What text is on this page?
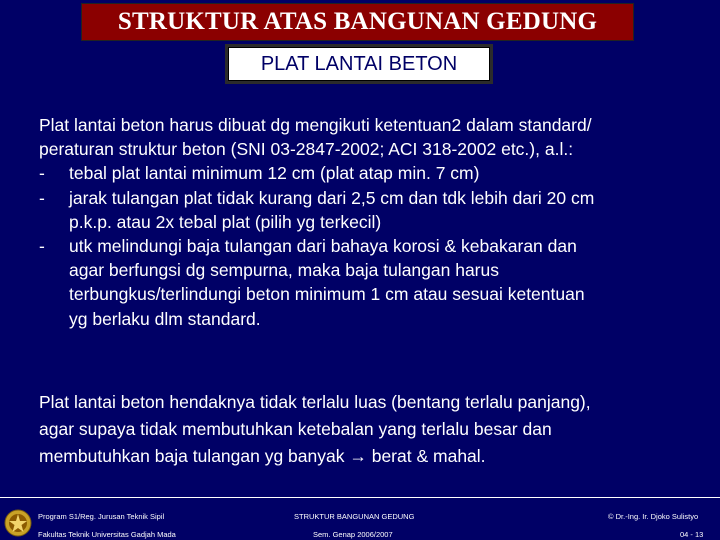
STRUKTUR ATAS BANGUNAN GEDUNG
PLAT LANTAI BETON

Plat lantai beton harus dibuat dg mengikuti ketentuan2 dalam standard/

peraturan struktur beton (SNI 03-2847-2002; ACI 318-2002 etc.), a.l.:

-	tebal plat lantai minimum 12 cm (plat atap min. 7 cm)
-	jarak tulangan plat tidak kurang dari 2,5 cm dan tdk lebih dari 20 cm
p.k.p. atau 2x tebal plat (pilih yg terkecil)
-	utk melindungi baja tulangan dari bahaya korosi & kebakaran dan
agar berfungsi dg sempurna, maka baja tulangan harus
terbungkus/terlindungi beton minimum 1 cm atau sesuai ketentuan
yg berlaku dlm standard.
Plat lantai beton hendaknya tidak terlalu luas (bentang terlalu panjang),
agar supaya tidak membutuhkan ketebalan yang terlalu besar dan
membutuhkan baja tulangan yg banyak → berat & mahal.
Program S1/Reg. Jurusan Teknik Sipil
Fakultas Teknik Universitas Gadjah Mada
STRUKTUR BANGUNAN GEDUNG
Sem. Genap 2006/2007
© Dr.-Ing. Ir. Djoko Sulistyo
04 - 13
